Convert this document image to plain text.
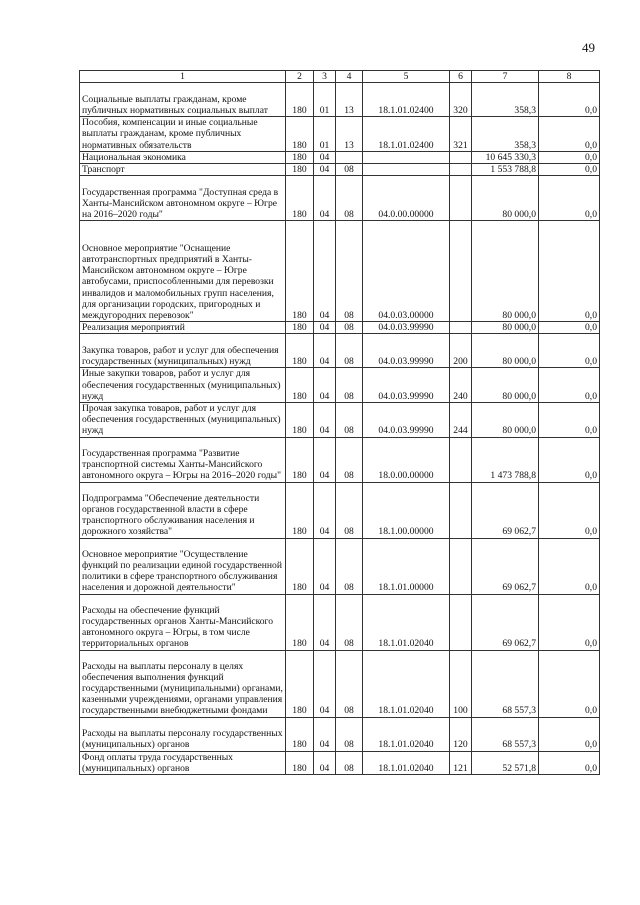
49
1	2	3	4	5	6	7	8
Социальные выплаты гражданам, кроме публичных нормативных социальных выплат	180	01	13	18.1.01.02400	320	358,3	0,0
Пособия, компенсации и иные социальные выплаты гражданам, кроме публичных нормативных обязательств	180	01	13	18.1.01.02400	321	358,3	0,0
Национальная экономика	180	04				10 645 330,3	0,0
Транспорт	180	04	08			1 553 788,8	0,0
Государственная программа "Доступная среда в Ханты-Мансийском автономном округе – Югре на 2016–2020 годы"	180	04	08	04.0.00.00000		80 000,0	0,0
Основное мероприятие "Оснащение автотранспортных предприятий в Ханты-Мансийском автономном округе – Югре автобусами, приспособленными для перевозки инвалидов и маломобильных групп населения, для организации городских, пригородных и междугородних перевозок"	180	04	08	04.0.03.00000		80 000,0	0,0
Реализация мероприятий	180	04	08	04.0.03.99990		80 000,0	0,0
Закупка товаров, работ и услуг для обеспечения государственных (муниципальных) нужд	180	04	08	04.0.03.99990	200	80 000,0	0,0
Иные закупки товаров, работ и услуг для обеспечения государственных (муниципальных) нужд	180	04	08	04.0.03.99990	240	80 000,0	0,0
Прочая закупка товаров, работ и услуг для обеспечения государственных (муниципальных) нужд	180	04	08	04.0.03.99990	244	80 000,0	0,0
Государственная программа "Развитие транспортной системы Ханты-Мансийского автономного округа – Югры на 2016–2020 годы"	180	04	08	18.0.00.00000		1 473 788,8	0,0
Подпрограмма "Обеспечение деятельности органов государственной власти в сфере транспортного обслуживания населения и дорожного хозяйства"	180	04	08	18.1.00.00000		69 062,7	0,0
Основное мероприятие "Осуществление функций по реализации единой государственной политики в сфере транспортного обслуживания населения и дорожной деятельности"	180	04	08	18.1.01.00000		69 062,7	0,0
Расходы на обеспечение функций государственных органов Ханты-Мансийского автономного округа – Югры, в том числе территориальных органов	180	04	08	18.1.01.02040		69 062,7	0,0
Расходы на выплаты персоналу в целях обеспечения выполнения функций государственными (муниципальными) органами, казенными учреждениями, органами управления государственными внебюджетными фондами	180	04	08	18.1.01.02040	100	68 557,3	0,0
Расходы на выплаты персоналу государственных (муниципальных) органов	180	04	08	18.1.01.02040	120	68 557,3	0,0
Фонд оплаты труда государственных (муниципальных) органов	180	04	08	18.1.01.02040	121	52 571,8	0,0
